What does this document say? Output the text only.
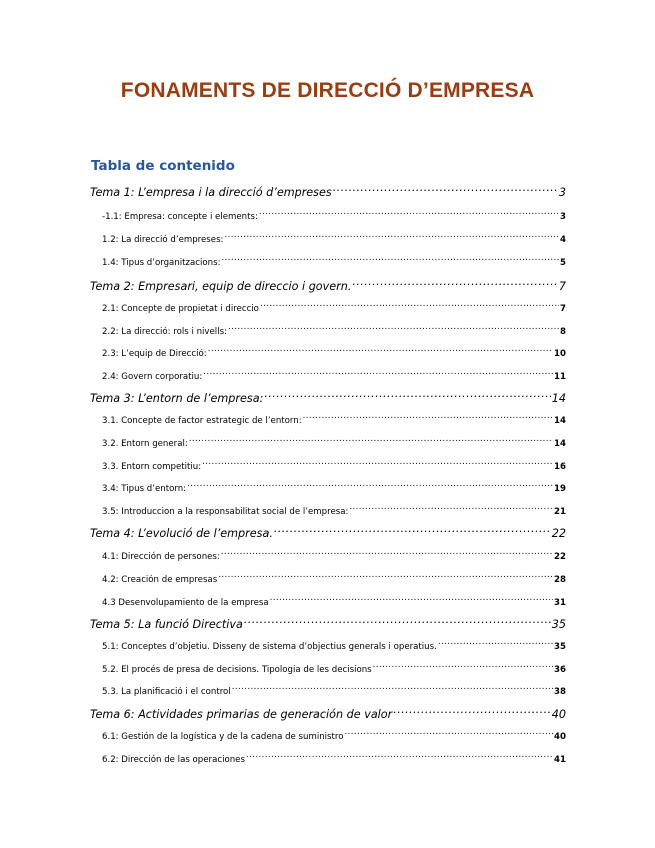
FONAMENTS DE DIRECCIÓ D’EMPRESA
Tabla de contenido
Tema 1: L’empresa i la direcció d’empreses .....	3
-1.1: Empresa: concepte i elements: .....	3
1.2: La direcció d’empreses: .....	4
1.4: Tipus d’organitzacions: .....	5
Tema 2: Empresari, equip de direccio i govern. .....	7
2.1: Concepte de propietat i direccio .....	7
2.2: La direcció: rols i nivells: .....	8
2.3: L’equip de Direcció: .....	10
2.4: Govern corporatiu: .....	11
Tema 3: L’entorn de l’empresa: .....	14
3.1. Concepte de factor estrategic de l’entorn: .....	14
3.2. Entorn general: .....	14
3.3. Entorn competitiu: .....	16
3.4: Tipus d’entorn: .....	19
3.5: Introduccion a la responsabilitat social de l’empresa: .....	21
Tema 4: L’evolució de l’empresa. .....	22
4.1: Dirección de persones: .....	22
4.2: Creación de empresas .....	28
4.3 Desenvolupamiento de la empresa .....	31
Tema 5: La funció Directiva .....	35
5.1: Conceptes d’objetiu. Disseny de sistema d’objectius generals i operatius. .....	35
5.2. El procés de presa de decisions. Tipologia de les decisions .....	36
5.3. La planificació i el control .....	38
Tema 6: Actividades primarias de generación de valor .....	40
6.1: Gestión de la logística y de la cadena de suministro .....	40
6.2: Dirección de las operaciones .....	41
